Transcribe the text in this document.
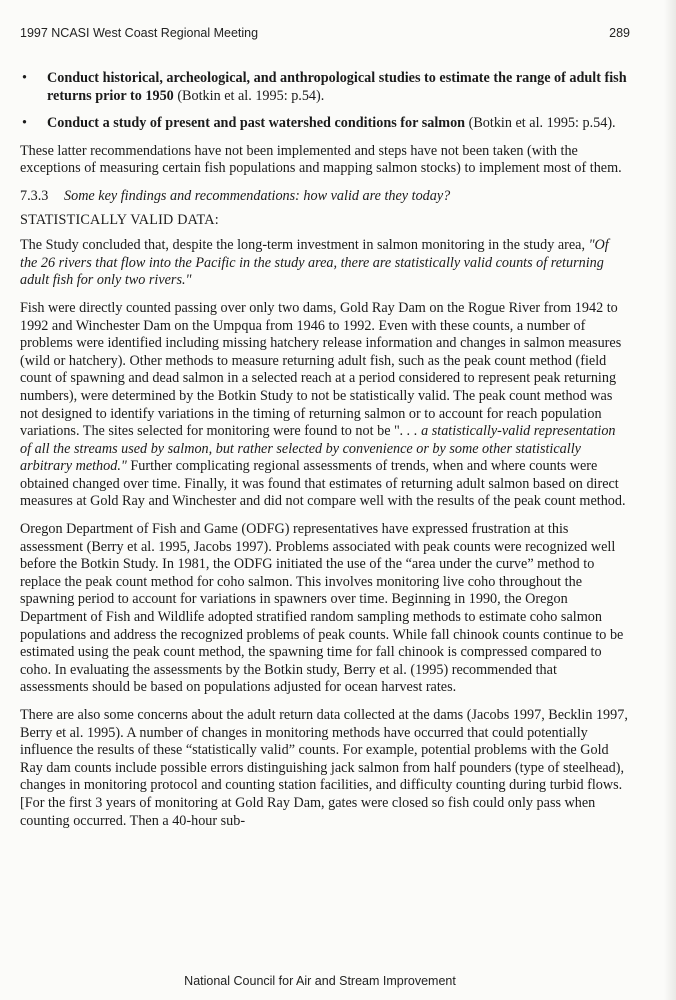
1997 NCASI West Coast Regional Meeting	289
• Conduct historical, archeological, and anthropological studies to estimate the range of adult fish returns prior to 1950 (Botkin et al. 1995: p.54).
• Conduct a study of present and past watershed conditions for salmon (Botkin et al. 1995: p.54).

These latter recommendations have not been implemented and steps have not been taken (with the exceptions of measuring certain fish populations and mapping salmon stocks) to implement most of them.

7.3.3 Some key findings and recommendations: how valid are they today?
STATISTICALLY VALID DATA:

The Study concluded that, despite the long-term investment in salmon monitoring in the study area, "Of the 26 rivers that flow into the Pacific in the study area, there are statistically valid counts of returning adult fish for only two rivers."

Fish were directly counted passing over only two dams, Gold Ray Dam on the Rogue River from 1942 to 1992 and Winchester Dam on the Umpqua from 1946 to 1992. Even with these counts, a number of problems were identified including missing hatchery release information and changes in salmon measures (wild or hatchery). Other methods to measure returning adult fish, such as the peak count method (field count of spawning and dead salmon in a selected reach at a period considered to represent peak returning numbers), were determined by the Botkin Study to not be statistically valid. The peak count method was not designed to identify variations in the timing of returning salmon or to account for reach population variations. The sites selected for monitoring were found to not be ". . . a statistically-valid representation of all the streams used by salmon, but rather selected by convenience or by some other statistically arbitrary method." Further complicating regional assessments of trends, when and where counts were obtained changed over time. Finally, it was found that estimates of returning adult salmon based on direct measures at Gold Ray and Winchester and did not compare well with the results of the peak count method.

Oregon Department of Fish and Game (ODFG) representatives have expressed frustration at this assessment (Berry et al. 1995, Jacobs 1997). Problems associated with peak counts were recognized well before the Botkin Study. In 1981, the ODFG initiated the use of the “area under the curve” method to replace the peak count method for coho salmon. This involves monitoring live coho throughout the spawning period to account for variations in spawners over time. Beginning in 1990, the Oregon Department of Fish and Wildlife adopted stratified random sampling methods to estimate coho salmon populations and address the recognized problems of peak counts. While fall chinook counts continue to be estimated using the peak count method, the spawning time for fall chinook is compressed compared to coho. In evaluating the assessments by the Botkin study, Berry et al. (1995) recommended that assessments should be based on populations adjusted for ocean harvest rates.

There are also some concerns about the adult return data collected at the dams (Jacobs 1997, Becklin 1997, Berry et al. 1995). A number of changes in monitoring methods have occurred that could potentially influence the results of these “statistically valid” counts. For example, potential problems with the Gold Ray dam counts include possible errors distinguishing jack salmon from half pounders (type of steelhead), changes in monitoring protocol and counting station facilities, and difficulty counting during turbid flows. [For the first 3 years of monitoring at Gold Ray Dam, gates were closed so fish could only pass when counting occurred. Then a 40-hour sub-

National Council for Air and Stream Improvement
